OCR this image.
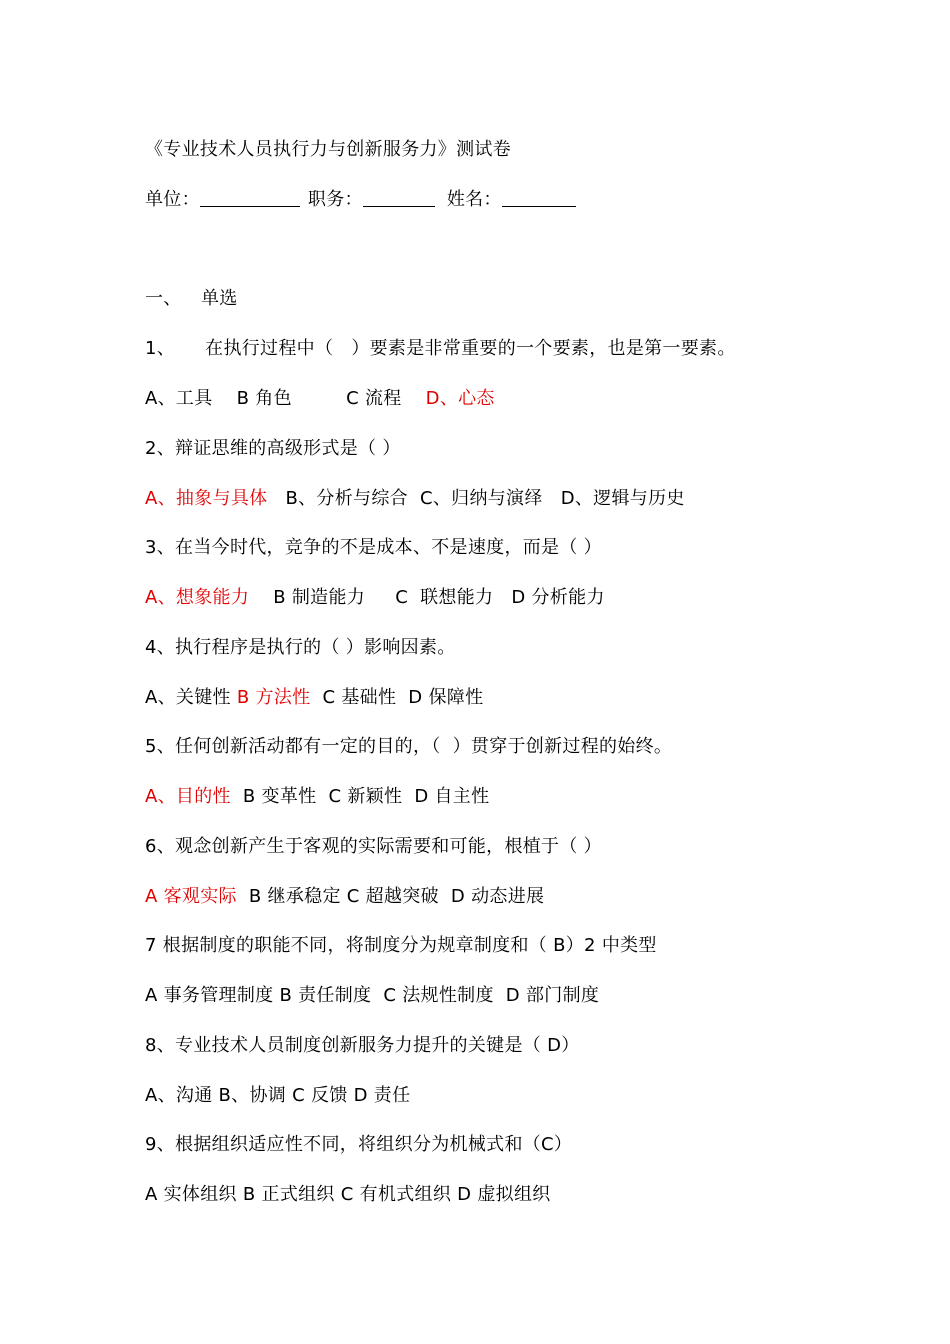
《专业技术人员执行力与创新服务力》测试卷
单位：	职务：	姓名：
一、 单选
1、     在执行过程中（   ）要素是非常重要的一个要素，也是第一要素。
A、工具    B 角色         C 流程    D、心态
2、辩证思维的高级形式是（ ）
A、抽象与具体   B、分析与综合  C、归纳与演绎   D、逻辑与历史
3、在当今时代，竞争的不是成本、不是速度，而是（ ）
A、想象能力    B 制造能力     C  联想能力   D 分析能力
4、执行程序是执行的（ ）影响因素。
A、关键性 B 方法性  C 基础性  D 保障性
5、任何创新活动都有一定的目的，（  ）贯穿于创新过程的始终。
A、目的性  B 变革性  C 新颖性  D 自主性
6、观念创新产生于客观的实际需要和可能，根植于（ ）
A 客观实际  B 继承稳定 C 超越突破  D 动态进展
7 根据制度的职能不同，将制度分为规章制度和（ B）2 中类型
A 事务管理制度 B 责任制度  C 法规性制度  D 部门制度
8、专业技术人员制度创新服务力提升的关键是（ D）
A、沟通 B、协调 C 反馈 D 责任
9、根据组织适应性不同，将组织分为机械式和（C）
A 实体组织 B 正式组织 C 有机式组织 D 虚拟组织
